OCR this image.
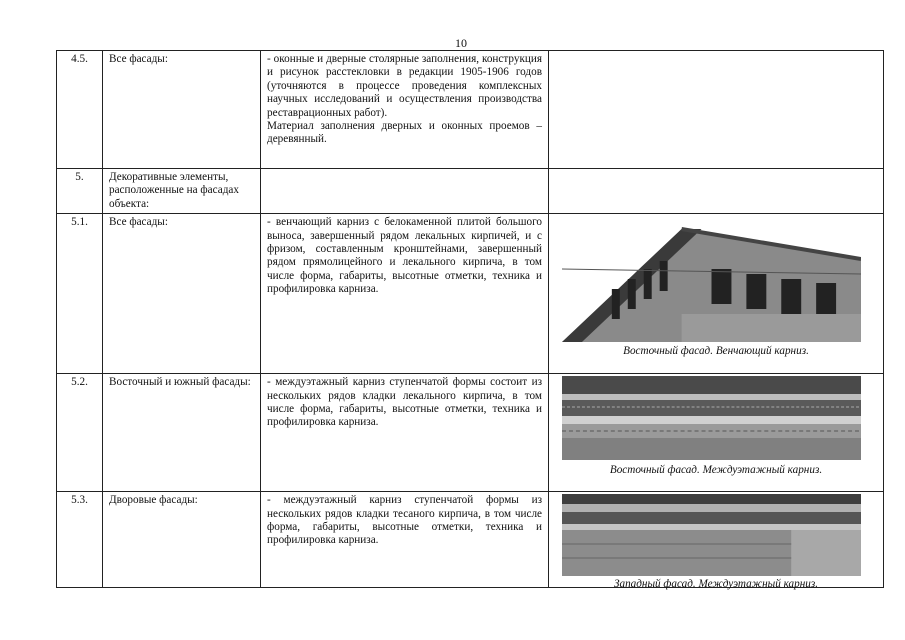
10
4.5.	Все фасады:	- оконные и дверные столярные заполнения, конструкция и рисунок расстекловки в редакции 1905-1906 годов (уточняются в процессе проведения комплексных научных исследований и осуществления производства реставрационных работ).

Материал заполнения дверных и оконных проемов – деревянный.	

5.	Декоративные элементы, расположенные на фасадах объекта:		
5.1.	Все фасады:	- венчающий карниз с белокаменной плитой большого выноса, завершенный рядом лекальных кирпичей, и с фризом, составленным кронштейнами, завершенный рядом прямолицейного и лекального кирпича, в том числе форма, габариты, высотные отметки, техника и профилировка карниза.	Восточный фасад. Венчающий карниз.

5.2.	Восточный и южный фасады:	- междуэтажный карниз ступенчатой формы состоит из нескольких рядов кладки лекального кирпича, в том числе форма, габариты, высотные отметки, техника и профилировка карниза.	Восточный фасад. Междуэтажный карниз.

5.3.	Дворовые фасады:	- междуэтажный карниз ступенчатой формы из нескольких рядов кладки тесаного кирпича, в том числе форма, габариты, высотные отметки, техника и профилировка карниза.	Западный фасад. Междуэтажный карниз.
